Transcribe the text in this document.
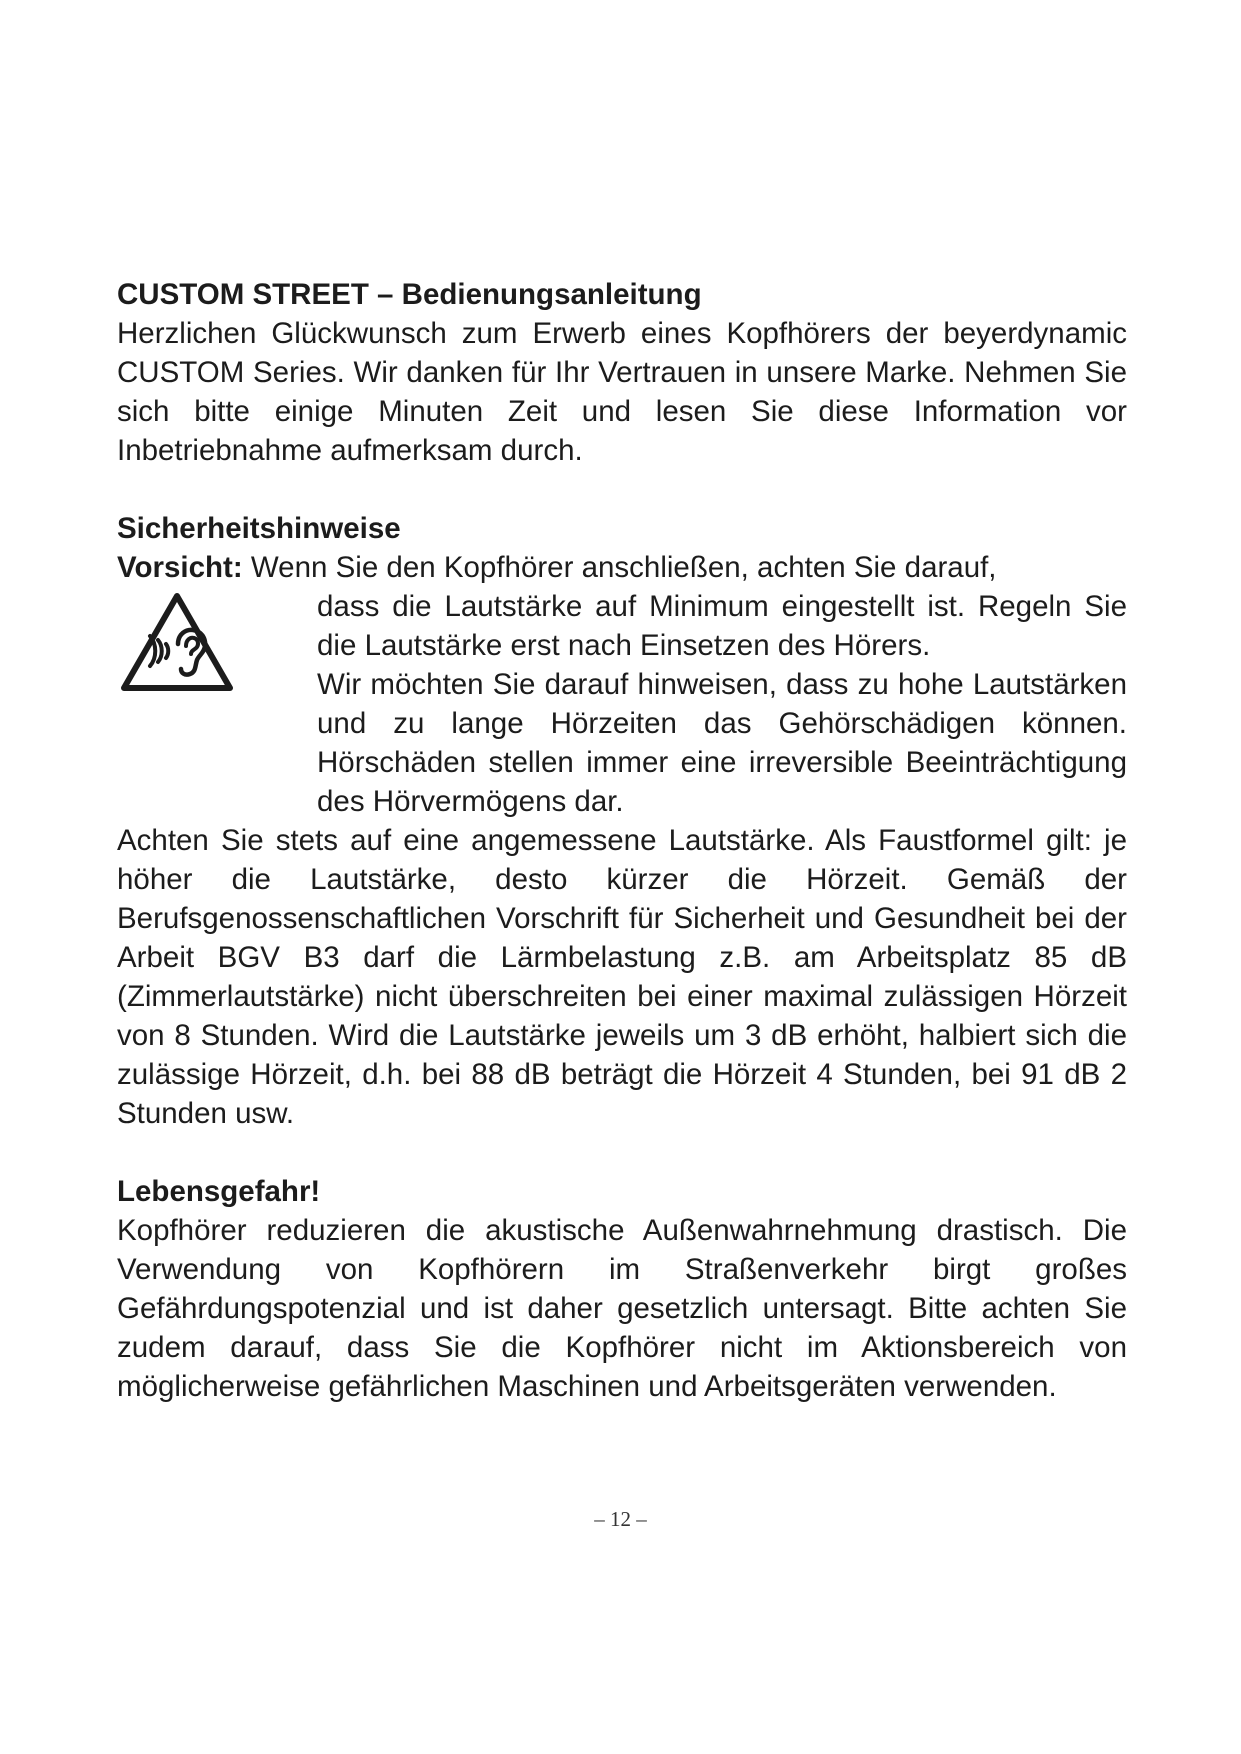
CUSTOM STREET – Bedienungsanleitung

Herzlichen Glückwunsch zum Erwerb eines Kopfhörers der beyerdynamic CUSTOM Series. Wir danken für Ihr Vertrauen in unsere Marke. Nehmen Sie sich bitte einige Minuten Zeit und lesen Sie diese Information vor Inbetriebnahme aufmerksam durch.

Sicherheitshinweise

Vorsicht: Wenn Sie den Kopfhörer anschließen, achten Sie darauf,

dass die Lautstärke auf Minimum eingestellt ist. Regeln Sie die Lautstärke erst nach Einsetzen des Hörers.

Wir möchten Sie darauf hinweisen, dass zu hohe Lautstärken und zu lange Hörzeiten das Gehörschädigen können. Hörschäden stellen immer eine irreversible Beeinträchtigung des Hörvermögens dar.

Achten Sie stets auf eine angemessene Lautstärke. Als Faustformel gilt: je höher die Lautstärke, desto kürzer die Hörzeit. Gemäß der Berufsgenossenschaftlichen Vorschrift für Sicherheit und Gesundheit bei der Arbeit BGV B3 darf die Lärmbelastung z.B. am Arbeitsplatz 85 dB (Zimmerlautstärke) nicht überschreiten bei einer maximal zulässigen Hörzeit von 8 Stunden. Wird die Lautstärke jeweils um 3 dB erhöht, halbiert sich die zulässige Hörzeit, d.h. bei 88 dB beträgt die Hörzeit 4 Stunden, bei 91 dB 2 Stunden usw.

Lebensgefahr!

Kopfhörer reduzieren die akustische Außenwahrnehmung drastisch. Die Verwendung von Kopfhörern im Straßenverkehr birgt großes Gefährdungspotenzial und ist daher gesetzlich untersagt. Bitte achten Sie zudem darauf, dass Sie die Kopfhörer nicht im Aktionsbereich von möglicherweise gefährlichen Maschinen und Arbeitsgeräten verwenden.

– 12 –
